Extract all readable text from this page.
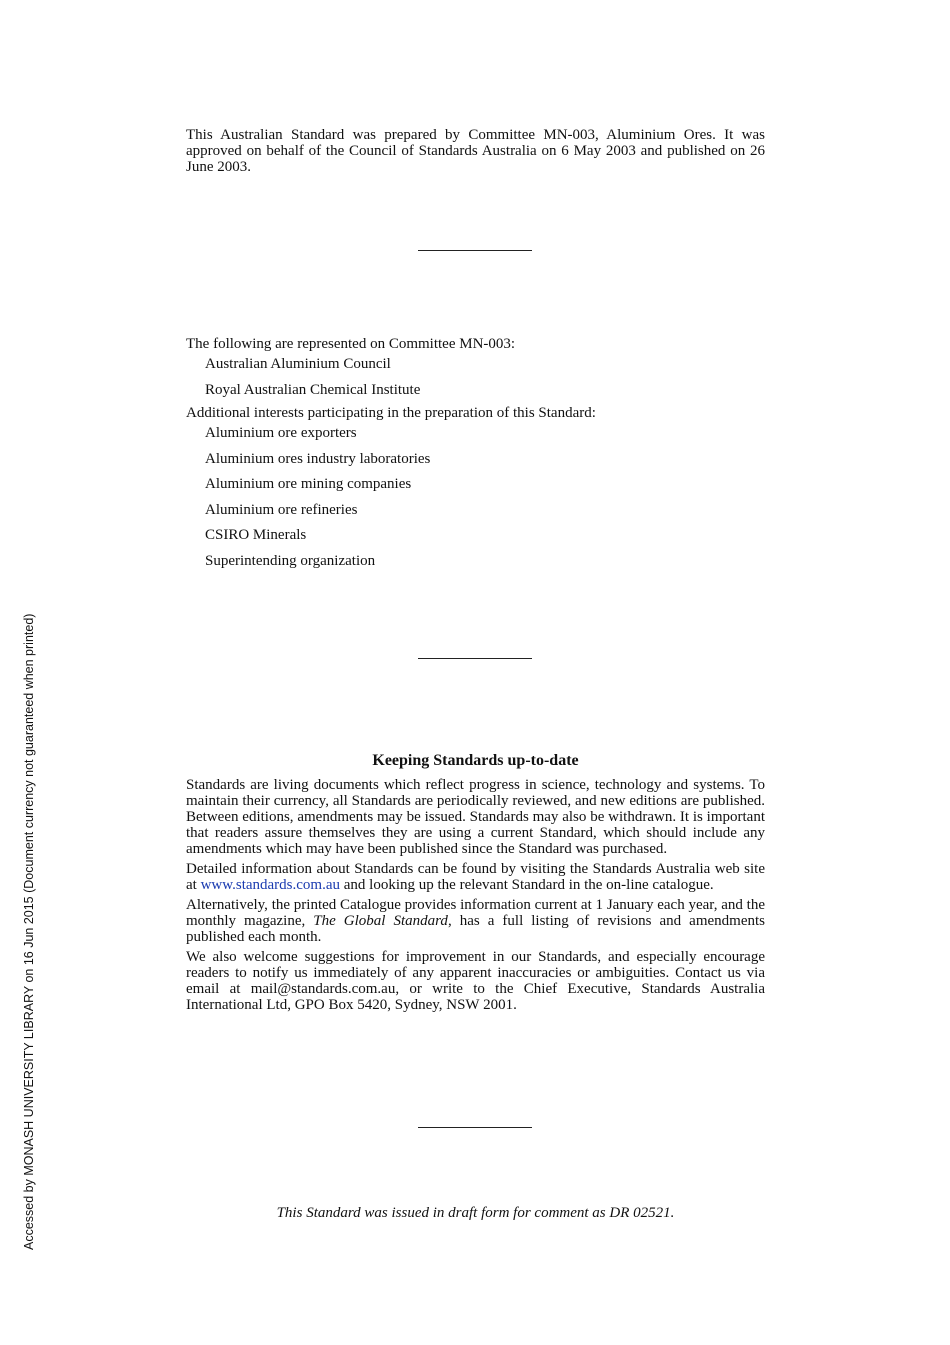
This Australian Standard was prepared by Committee MN-003, Aluminium Ores. It was approved on behalf of the Council of Standards Australia on 6 May 2003 and published on 26 June 2003.

The following are represented on Committee MN-003:

Australian Aluminium Council

Royal Australian Chemical Institute

Additional interests participating in the preparation of this Standard:

Aluminium ore exporters

Aluminium ores industry laboratories

Aluminium ore mining companies

Aluminium ore refineries

CSIRO Minerals

Superintending organization

Keeping Standards up-to-date

Standards are living documents which reflect progress in science, technology and systems. To maintain their currency, all Standards are periodically reviewed, and new editions are published. Between editions, amendments may be issued. Standards may also be withdrawn. It is important that readers assure themselves they are using a current Standard, which should include any amendments which may have been published since the Standard was purchased.

Detailed information about Standards can be found by visiting the Standards Australia web site at www.standards.com.au and looking up the relevant Standard in the on-line catalogue.

Alternatively, the printed Catalogue provides information current at 1 January each year, and the monthly magazine, The Global Standard, has a full listing of revisions and amendments published each month.

We also welcome suggestions for improvement in our Standards, and especially encourage readers to notify us immediately of any apparent inaccuracies or ambiguities. Contact us via email at mail@standards.com.au, or write to the Chief Executive, Standards Australia International Ltd, GPO Box 5420, Sydney, NSW 2001.

This Standard was issued in draft form for comment as DR 02521.

Accessed by MONASH UNIVERSITY LIBRARY on 16 Jun 2015 (Document currency not guaranteed when printed)
